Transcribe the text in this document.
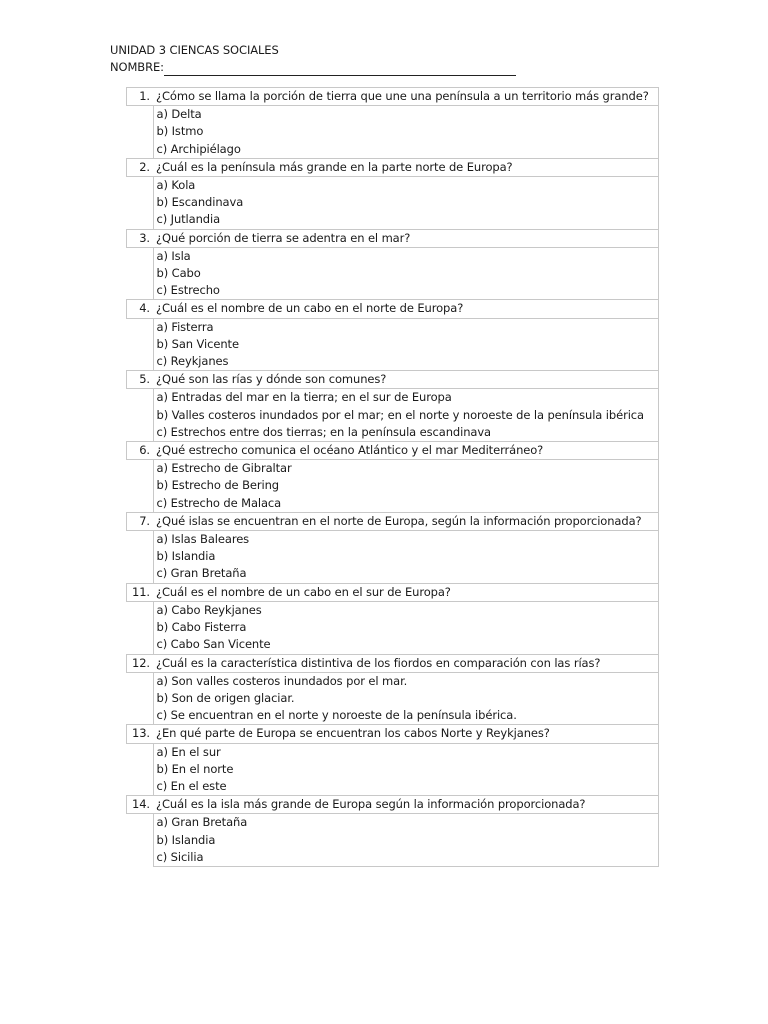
UNIDAD 3 CIENCAS SOCIALES
NOMBRE:
1.	¿Cómo se llama la porción de tierra que une una península a un territorio más grande?

	a) Delta
b) Istmo
c) Archipiélago

2.	¿Cuál es la península más grande en la parte norte de Europa?

	a) Kola
b) Escandinava
c) Jutlandia

3.	¿Qué porción de tierra se adentra en el mar?

	a) Isla
b) Cabo
c) Estrecho

4.	¿Cuál es el nombre de un cabo en el norte de Europa?

	a) Fisterra
b) San Vicente
c) Reykjanes

5.	¿Qué son las rías y dónde son comunes?

	a) Entradas del mar en la tierra; en el sur de Europa
b) Valles costeros inundados por el mar; en el norte y noroeste de la península ibérica
c) Estrechos entre dos tierras; en la península escandinava

6.	¿Qué estrecho comunica el océano Atlántico y el mar Mediterráneo?

	a) Estrecho de Gibraltar
b) Estrecho de Bering
c) Estrecho de Malaca

7.	¿Qué islas se encuentran en el norte de Europa, según la información proporcionada?

	a) Islas Baleares
b) Islandia
c) Gran Bretaña

11.	¿Cuál es el nombre de un cabo en el sur de Europa?

	a) Cabo Reykjanes
b) Cabo Fisterra
c) Cabo San Vicente

12.	¿Cuál es la característica distintiva de los fiordos en comparación con las rías?

	a) Son valles costeros inundados por el mar.
b) Son de origen glaciar.
c) Se encuentran en el norte y noroeste de la península ibérica.

13.	¿En qué parte de Europa se encuentran los cabos Norte y Reykjanes?

	a) En el sur
b) En el norte
c) En el este

14.	¿Cuál es la isla más grande de Europa según la información proporcionada?

	a) Gran Bretaña
b) Islandia
c) Sicilia
